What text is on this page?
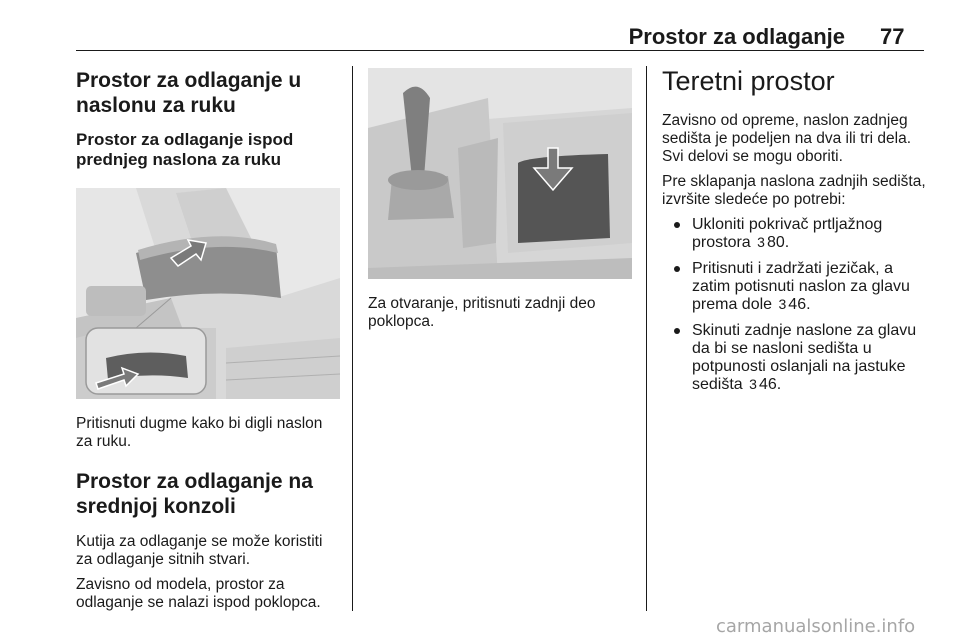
Prostor za odlaganje 77
Prostor za odlaganje u naslonu za ruku
Prostor za odlaganje ispod prednjeg naslona za ruku

Pritisnuti dugme kako bi digli naslon za ruku.

Prostor za odlaganje na srednjoj konzoli

Kutija za odlaganje se može koristiti za odlaganje sitnih stvari.

Zavisno od modela, prostor za odlaganje se nalazi ispod poklopca.

Za otvaranje, pritisnuti zadnji deo poklopca.

Teretni prostor

Zavisno od opreme, naslon zadnjeg sedišta je podeljen na dva ili tri dela. Svi delovi se mogu oboriti.

Pre sklapanja naslona zadnjih sedišta, izvršite sledeće po potrebi:

Ukloniti pokrivač prtljažnog prostora 3 80.
Pritisnuti i zadržati jezičak, a zatim potisnuti naslon za glavu prema dole 3 46.
Skinuti zadnje naslone za glavu da bi se nasloni sedišta u potpunosti oslanjali na jastuke sedišta 3 46.
carmanualsonline.info
